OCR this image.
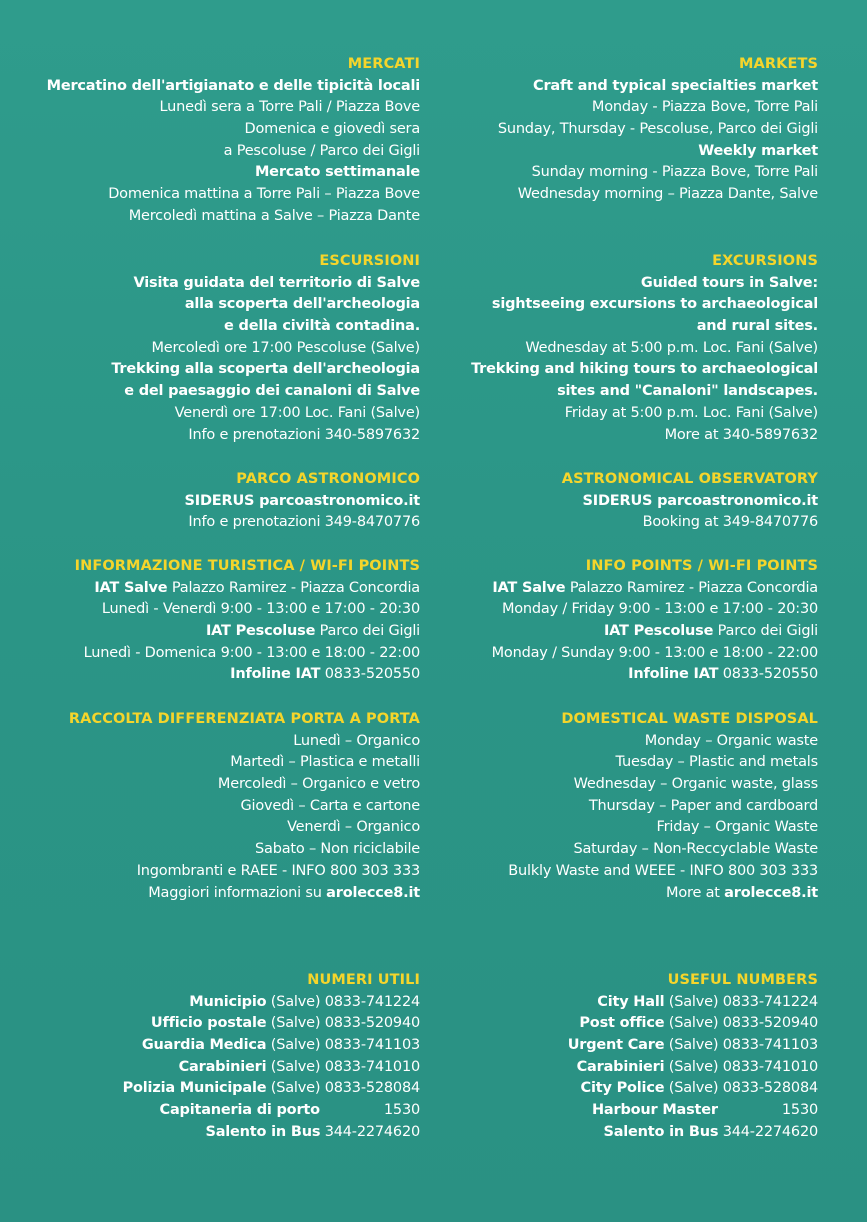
MERCATI
Mercatino dell'artigianato e delle tipicità locali
Lunedì sera a Torre Pali / Piazza Bove
Domenica e giovedì sera
a Pescoluse / Parco dei Gigli
Mercato settimanale
Domenica mattina a Torre Pali – Piazza Bove
Mercoledì mattina a Salve – Piazza Dante
ESCURSIONI
Visita guidata del territorio di Salve
alla scoperta dell'archeologia
e della civiltà contadina.
Mercoledì ore 17:00 Pescoluse (Salve)
Trekking alla scoperta dell'archeologia
e del paesaggio dei canaloni di Salve
Venerdì ore 17:00 Loc. Fani (Salve)
Info e prenotazioni 340-5897632
PARCO ASTRONOMICO
SIDERUS parcoastronomico.it
Info e prenotazioni 349-8470776
INFORMAZIONE TURISTICA / WI-FI POINTS
IAT Salve Palazzo Ramirez - Piazza Concordia
Lunedì - Venerdì 9:00 - 13:00 e 17:00 - 20:30
IAT Pescoluse Parco dei Gigli
Lunedì - Domenica 9:00 - 13:00 e 18:00 - 22:00
Infoline IAT 0833-520550
RACCOLTA DIFFERENZIATA PORTA A PORTA
Lunedì – Organico
Martedì – Plastica e metalli
Mercoledì – Organico e vetro
Giovedì – Carta e cartone
Venerdì – Organico
Sabato – Non riciclabile
Ingombranti e RAEE - INFO 800 303 333
Maggiori informazioni su arolecce8.it
NUMERI UTILI
Municipio (Salve) 0833-741224
Ufficio postale (Salve) 0833-520940
Guardia Medica (Salve) 0833-741103
Carabinieri (Salve) 0833-741010
Polizia Municipale (Salve) 0833-528084
Capitaneria di porto	1530
Salento in Bus 344-2274620
MARKETS
Craft and typical specialties market
Monday - Piazza Bove, Torre Pali
Sunday, Thursday - Pescoluse, Parco dei Gigli
Weekly market
Sunday morning - Piazza Bove, Torre Pali
Wednesday morning – Piazza Dante, Salve
EXCURSIONS
Guided tours in Salve:
sightseeing excursions to archaeological
and rural sites.
Wednesday at 5:00 p.m. Loc. Fani (Salve)
Trekking and hiking tours to archaeological
sites and "Canaloni" landscapes.
Friday at 5:00 p.m. Loc. Fani (Salve)
More at 340-5897632
ASTRONOMICAL OBSERVATORY
SIDERUS parcoastronomico.it
Booking at 349-8470776
INFO POINTS / WI-FI POINTS
IAT Salve Palazzo Ramirez - Piazza Concordia
Monday / Friday 9:00 - 13:00 e 17:00 - 20:30
IAT Pescoluse Parco dei Gigli
Monday / Sunday 9:00 - 13:00 e 18:00 - 22:00
Infoline IAT 0833-520550
DOMESTICAL WASTE DISPOSAL
Monday – Organic waste
Tuesday – Plastic and metals
Wednesday – Organic waste, glass
Thursday – Paper and cardboard
Friday – Organic Waste
Saturday – Non-Reccyclable Waste
Bulkly Waste and WEEE - INFO 800 303 333
More at arolecce8.it
USEFUL NUMBERS
City Hall (Salve) 0833-741224
Post office (Salve) 0833-520940
Urgent Care (Salve) 0833-741103
Carabinieri (Salve) 0833-741010
City Police (Salve) 0833-528084
Harbour Master	1530
Salento in Bus 344-2274620
